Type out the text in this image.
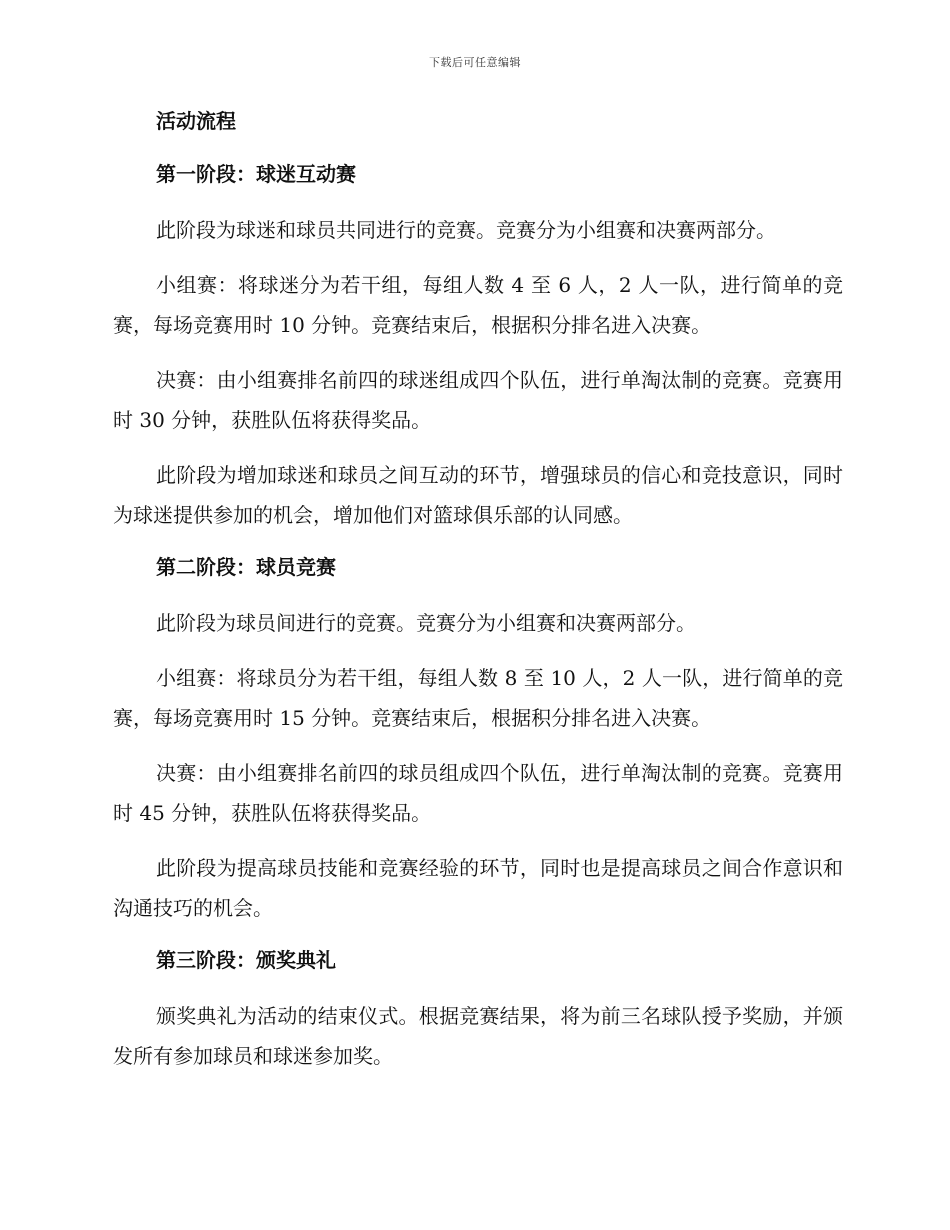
下载后可任意编辑
活动流程
第一阶段：球迷互动赛

此阶段为球迷和球员共同进行的竞赛。竞赛分为小组赛和决赛两部分。

小组赛：将球迷分为若干组，每组人数 4 至 6 人，2 人一队，进行简单的竞赛，每场竞赛用时 10 分钟。竞赛结束后，根据积分排名进入决赛。

决赛：由小组赛排名前四的球迷组成四个队伍，进行单淘汰制的竞赛。竞赛用时 30 分钟，获胜队伍将获得奖品。

此阶段为增加球迷和球员之间互动的环节，增强球员的信心和竞技意识，同时为球迷提供参加的机会，增加他们对篮球俱乐部的认同感。

第二阶段：球员竞赛

此阶段为球员间进行的竞赛。竞赛分为小组赛和决赛两部分。

小组赛：将球员分为若干组，每组人数 8 至 10 人，2 人一队，进行简单的竞赛，每场竞赛用时 15 分钟。竞赛结束后，根据积分排名进入决赛。

决赛：由小组赛排名前四的球员组成四个队伍，进行单淘汰制的竞赛。竞赛用时 45 分钟，获胜队伍将获得奖品。

此阶段为提高球员技能和竞赛经验的环节，同时也是提高球员之间合作意识和沟通技巧的机会。

第三阶段：颁奖典礼

颁奖典礼为活动的结束仪式。根据竞赛结果，将为前三名球队授予奖励，并颁发所有参加球员和球迷参加奖。
